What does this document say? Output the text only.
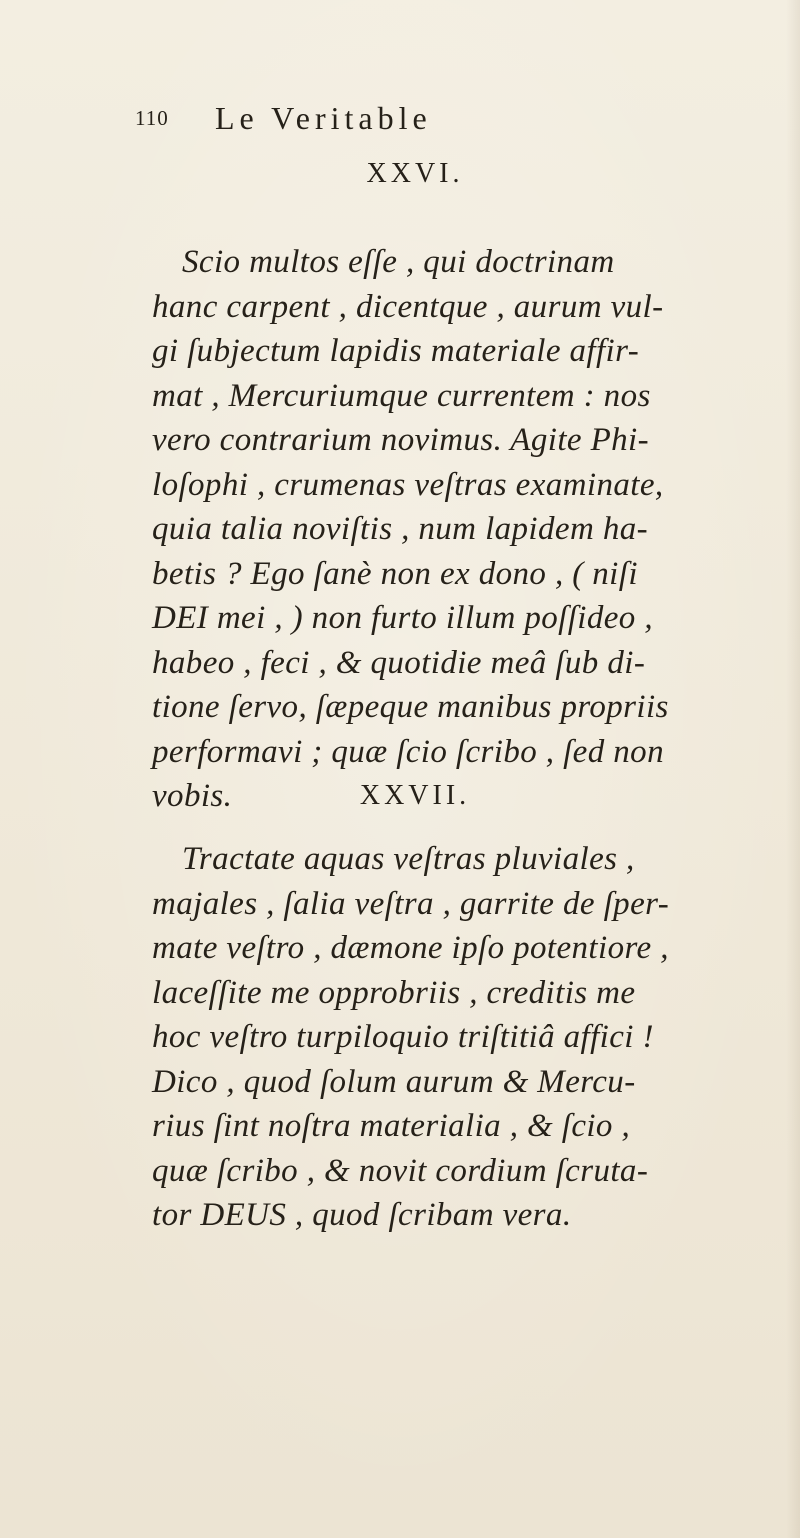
110 Le Veritable
XXVI.

Scio multos eſſe , qui doctrinam
hanc carpent , dicentque , aurum vul-
gi ſubjectum lapidis materiale affir-
mat , Mercuriumque currentem : nos
vero contrarium novimus. Agite Phi-
loſophi , crumenas veſtras examinate,
quia talia noviſtis , num lapidem ha-
betis ? Ego ſanè non ex dono , ( niſi
DEI mei , ) non furto illum poſſideo ,
habeo , feci , & quotidie meâ ſub di-
tione ſervo, ſæpeque manibus propriis
performavi ; quæ ſcio ſcribo , ſed non
vobis.	XXVII.

Tractate aquas veſtras pluviales ,
majales , ſalia veſtra , garrite de ſper-
mate veſtro , dæmone ipſo potentiore ,
laceſſite me opprobriis , creditis me
hoc veſtro turpiloquio triſtitiâ affici !
Dico , quod ſolum aurum & Mercu-
rius ſint noſtra materialia , & ſcio ,
quæ ſcribo , & novit cordium ſcruta-
tor DEUS , quod ſcribam vera.
